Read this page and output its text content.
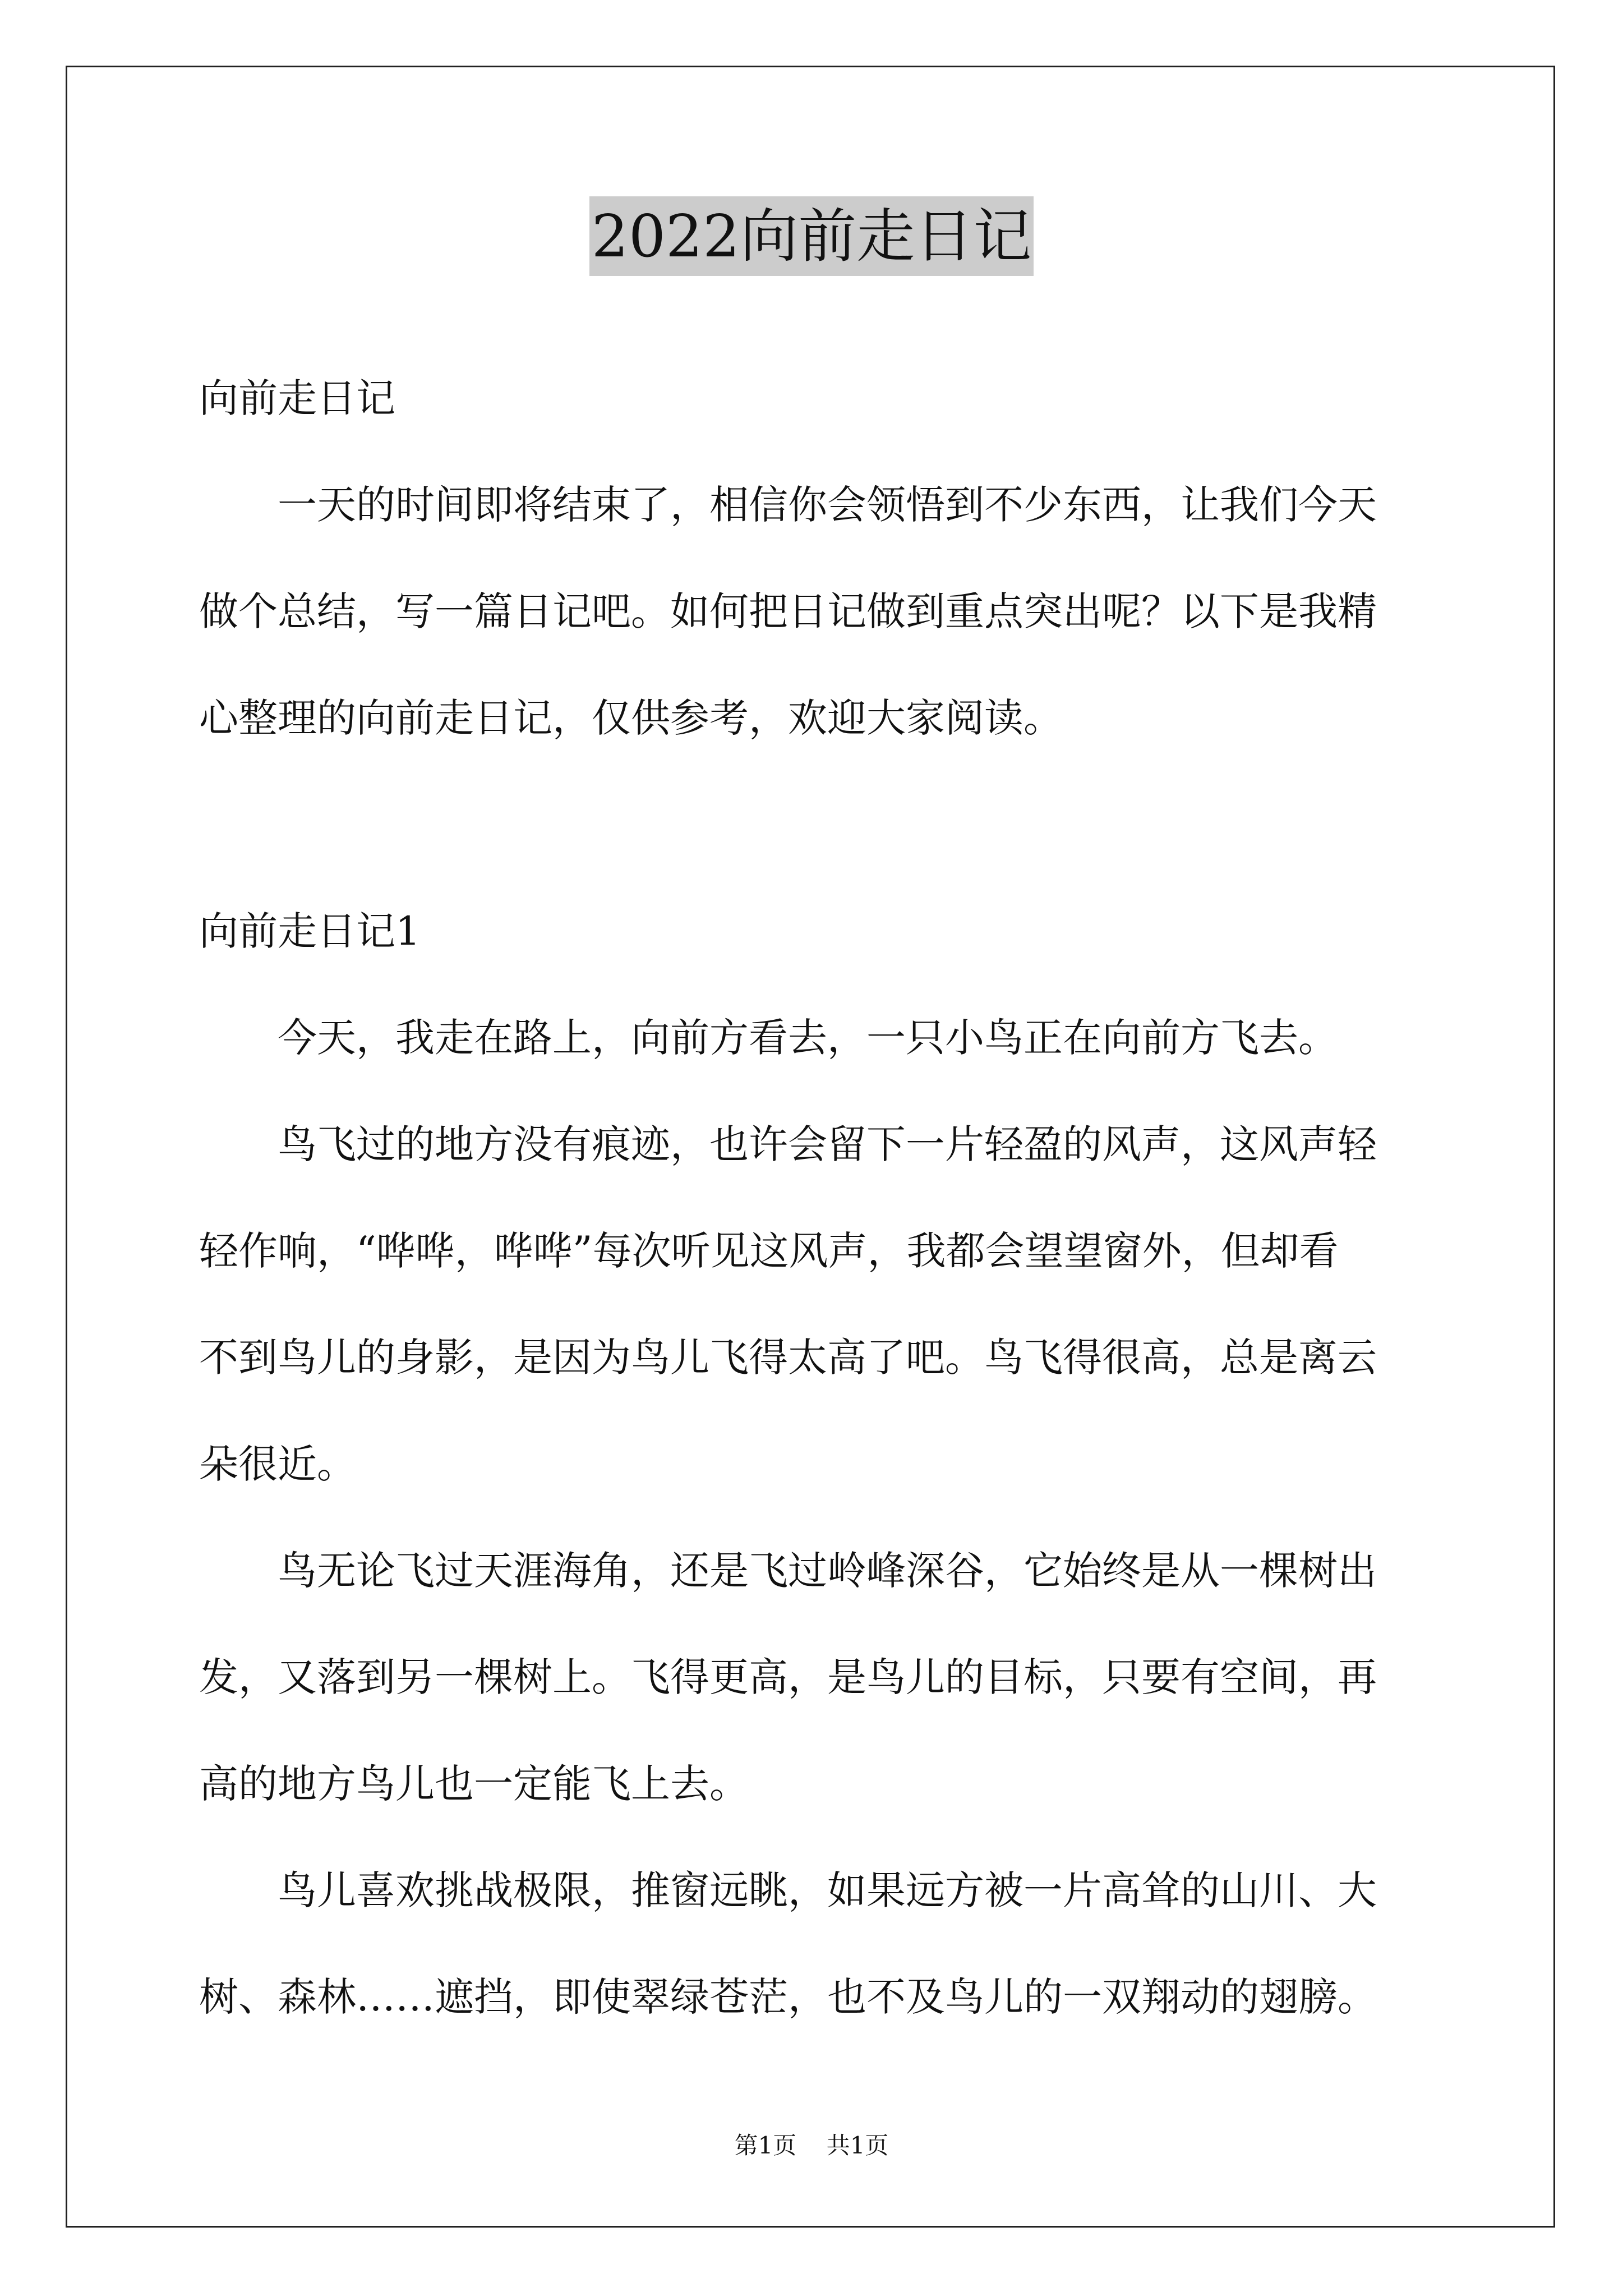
2022向前走日记
向前走日记
　　一天的时间即将结束了，相信你会领悟到不少东西，让我们今天
做个总结，写一篇日记吧。如何把日记做到重点突出呢？以下是我精
心整理的向前走日记，仅供参考，欢迎大家阅读。
向前走日记1
　　今天，我走在路上，向前方看去，一只小鸟正在向前方飞去。
　　鸟飞过的地方没有痕迹，也许会留下一片轻盈的风声，这风声轻
轻作响，“哗哗，哗哗”每次听见这风声，我都会望望窗外，但却看
不到鸟儿的身影，是因为鸟儿飞得太高了吧。鸟飞得很高，总是离云
朵很近。
　　鸟无论飞过天涯海角，还是飞过岭峰深谷，它始终是从一棵树出
发，又落到另一棵树上。飞得更高，是鸟儿的目标，只要有空间，再
高的地方鸟儿也一定能飞上去。
　　鸟儿喜欢挑战极限，推窗远眺，如果远方被一片高耸的山川、大
树、森林……遮挡，即使翠绿苍茫，也不及鸟儿的一双翔动的翅膀。
第1页 共1页
